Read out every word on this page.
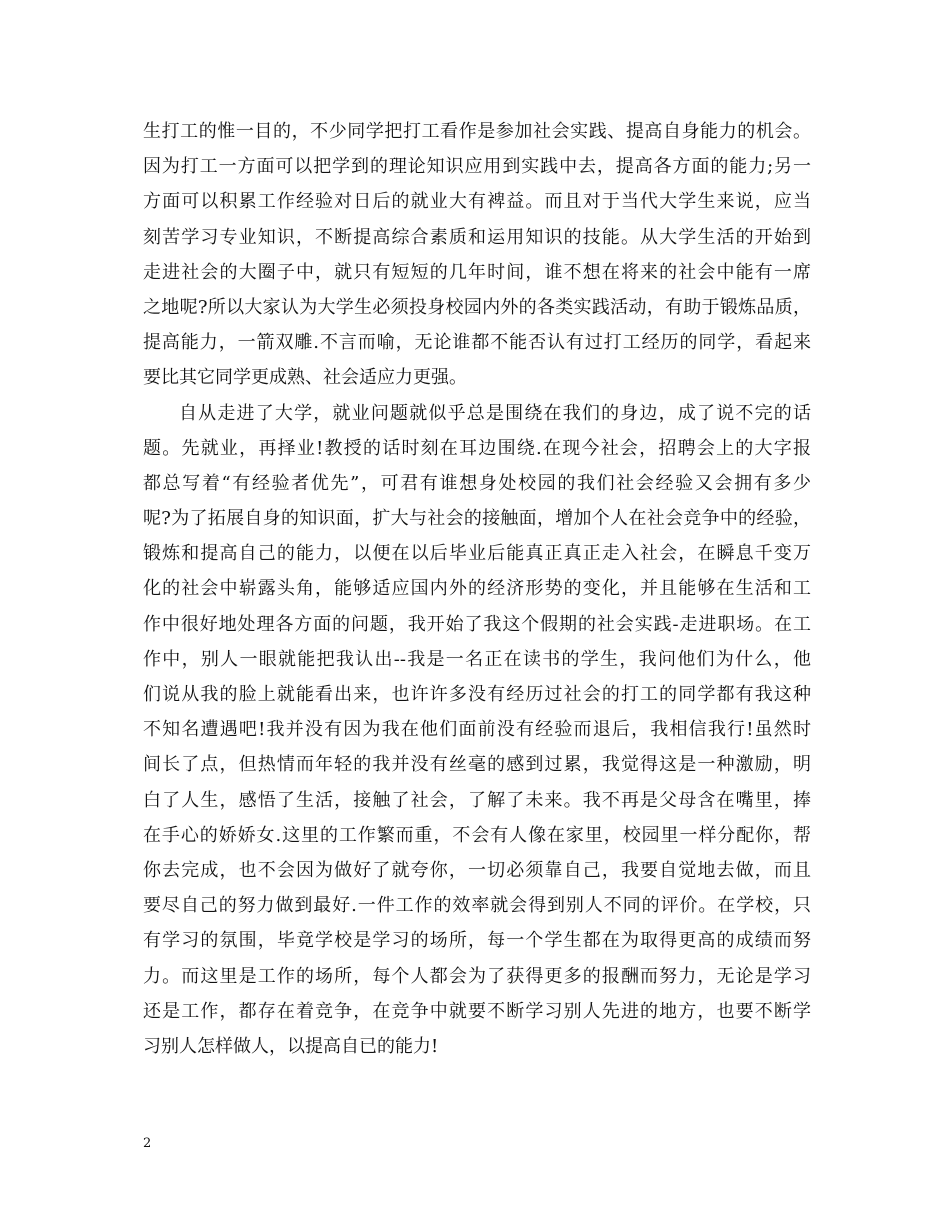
生打工的惟一目的，不少同学把打工看作是参加社会实践、提高自身能力的机会。
因为打工一方面可以把学到的理论知识应用到实践中去，提高各方面的能力;另一
方面可以积累工作经验对日后的就业大有裨益。而且对于当代大学生来说，应当
刻苦学习专业知识，不断提高综合素质和运用知识的技能。从大学生活的开始到
走进社会的大圈子中，就只有短短的几年时间，谁不想在将来的社会中能有一席
之地呢?所以大家认为大学生必须投身校园内外的各类实践活动，有助于锻炼品质，
提高能力，一箭双雕.不言而喻，无论谁都不能否认有过打工经历的同学，看起来
要比其它同学更成熟、社会适应力更强。
自从走进了大学，就业问题就似乎总是围绕在我们的身边，成了说不完的话
题。先就业，再择业!教授的话时刻在耳边围绕.在现今社会，招聘会上的大字报
都总写着“有经验者优先”，可君有谁想身处校园的我们社会经验又会拥有多少
呢?为了拓展自身的知识面，扩大与社会的接触面，增加个人在社会竞争中的经验，
锻炼和提高自己的能力，以便在以后毕业后能真正真正走入社会，在瞬息千变万
化的社会中崭露头角，能够适应国内外的经济形势的变化，并且能够在生活和工
作中很好地处理各方面的问题，我开始了我这个假期的社会实践-走进职场。在工
作中，别人一眼就能把我认出--我是一名正在读书的学生，我问他们为什么，他
们说从我的脸上就能看出来，也许许多没有经历过社会的打工的同学都有我这种
不知名遭遇吧!我并没有因为我在他们面前没有经验而退后，我相信我行!虽然时
间长了点，但热情而年轻的我并没有丝毫的感到过累，我觉得这是一种激励，明
白了人生，感悟了生活，接触了社会，了解了未来。我不再是父母含在嘴里，捧
在手心的娇娇女.这里的工作繁而重，不会有人像在家里，校园里一样分配你，帮
你去完成，也不会因为做好了就夸你，一切必须靠自己，我要自觉地去做，而且
要尽自己的努力做到最好.一件工作的效率就会得到别人不同的评价。在学校，只
有学习的氛围，毕竟学校是学习的场所，每一个学生都在为取得更高的成绩而努
力。而这里是工作的场所，每个人都会为了获得更多的报酬而努力，无论是学习
还是工作，都存在着竞争，在竞争中就要不断学习别人先进的地方，也要不断学
习别人怎样做人，以提高自已的能力!
2
